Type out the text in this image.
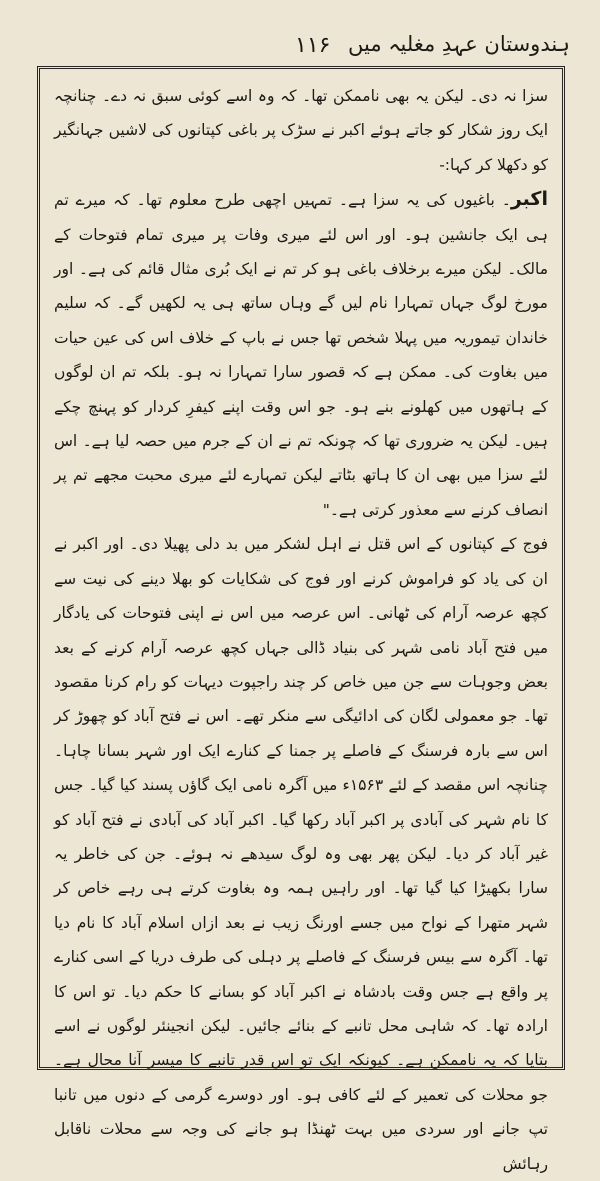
۱۱۶ ہندوستان عہدِ مغلیہ میں

سزا نہ دی۔ لیکن یہ بھی ناممکن تھا۔ کہ وہ اسے کوئی سبق نہ دے۔ چنانچہ ایک روز شکار کو جاتے ہوئے اکبر نے سڑک پر باغی کپتانوں کی لاشیں جہانگیر کو دکھلا کر کہا:-

اکبر۔ باغیوں کی یہ سزا ہے۔ تمہیں اچھی طرح معلوم تھا۔ کہ میرے تم ہی ایک جانشین ہو۔ اور اس لئے میری وفات پر میری تمام فتوحات کے مالک۔ لیکن میرے برخلاف باغی ہو کر تم نے ایک بُری مثال قائم کی ہے۔ اور مورخ لوگ جہاں تمہارا نام لیں گے وہاں ساتھ ہی یہ لکھیں گے۔ کہ سلیم خاندان تیموریہ میں پہلا شخص تھا جس نے باپ کے خلاف اس کی عین حیات میں بغاوت کی۔ ممکن ہے کہ قصور سارا تمہارا نہ ہو۔ بلکہ تم ان لوگوں کے ہاتھوں میں کھلونے بنے ہو۔ جو اس وقت اپنے کیفرِ کردار کو پہنچ چکے ہیں۔ لیکن یہ ضروری تھا کہ چونکہ تم نے ان کے جرم میں حصہ لیا ہے۔ اس لئے سزا میں بھی ان کا ہاتھ بٹاتے لیکن تمہارے لئے میری محبت مجھے تم پر انصاف کرنے سے معذور کرتی ہے۔"

فوج کے کپتانوں کے اس قتل نے اہل لشکر میں بد دلی پھیلا دی۔ اور اکبر نے ان کی یاد کو فراموش کرنے اور فوج کی شکایات کو بھلا دینے کی نیت سے کچھ عرصہ آرام کی ٹھانی۔ اس عرصہ میں اس نے اپنی فتوحات کی یادگار میں فتح آباد نامی شہر کی بنیاد ڈالی جہاں کچھ عرصہ آرام کرنے کے بعد بعض وجوہات سے جن میں خاص کر چند راجپوت دیہات کو رام کرنا مقصود تھا۔ جو معمولی لگان کی ادائیگی سے منکر تھے۔ اس نے فتح آباد کو چھوڑ کر اس سے بارہ فرسنگ کے فاصلے پر جمنا کے کنارے ایک اور شہر بسانا چاہا۔ چنانچہ اس مقصد کے لئے ۱۵۶۳ء میں آگرہ نامی ایک گاؤں پسند کیا گیا۔ جس کا نام شہر کی آبادی پر اکبر آباد رکھا گیا۔ اکبر آباد کی آبادی نے فتح آباد کو غیر آباد کر دیا۔ لیکن پھر بھی وہ لوگ سیدھے نہ ہوئے۔ جن کی خاطر یہ سارا بکھیڑا کیا گیا تھا۔ اور راہیں ہمہ وہ بغاوت کرتے ہی رہے خاص کر شہر متھرا کے نواح میں جسے اورنگ زیب نے بعد ازاں اسلام آباد کا نام دیا تھا۔ آگرہ سے بیس فرسنگ کے فاصلے پر دہلی کی طرف دریا کے اسی کنارے پر واقع ہے جس وقت بادشاہ نے اکبر آباد کو بسانے کا حکم دیا۔ تو اس کا ارادہ تھا۔ کہ شاہی محل تانبے کے بنائے جائیں۔ لیکن انجینئر لوگوں نے اسے بتایا کہ یہ ناممکن ہے۔ کیونکہ ایک تو اس قدر تانبے کا میسر آنا محال ہے۔ جو محلات کی تعمیر کے لئے کافی ہو۔ اور دوسرے گرمی کے دنوں میں تانبا تپ جانے اور سردی میں بہت ٹھنڈا ہو جانے کی وجہ سے محلات ناقابل رہائش
